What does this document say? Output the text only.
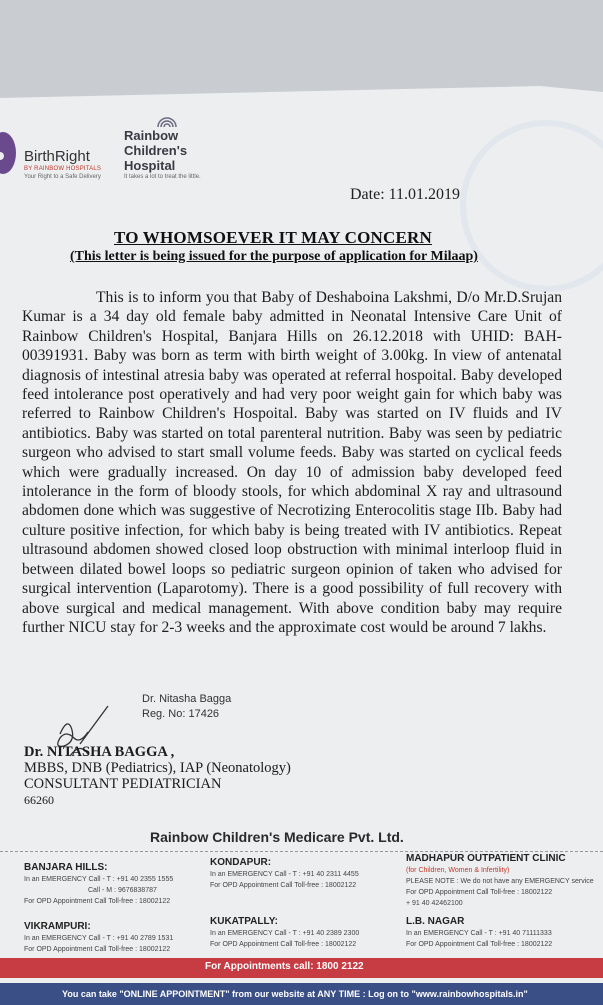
BirthRight
BY RAINBOW HOSPITALS
Your Right to a Safe Delivery
Rainbow
Children's
Hospital
It takes a lot to treat the little.
Date: 11.01.2019
TO WHOMSOEVER IT MAY CONCERN
(This letter is being issued for the purpose of application for Milaap)

This is to inform you that Baby of Deshaboina Lakshmi, D/o Mr.D.Srujan Kumar is a 34 day old female baby admitted in Neonatal Intensive Care Unit of Rainbow Children's Hospital, Banjara Hills on 26.12.2018 with UHID: BAH-00391931. Baby was born as term with birth weight of 3.00kg. In view of antenatal diagnosis of intestinal atresia baby was operated at referral hospoital. Baby developed feed intolerance post operatively and had very poor weight gain for which baby was referred to Rainbow Children's Hospoital. Baby was started on IV fluids and IV antibiotics. Baby was started on total parenteral nutrition. Baby was seen by pediatric surgeon who advised to start small volume feeds. Baby was started on cyclical feeds which were gradually increased. On day 10 of admission baby developed feed intolerance in the form of bloody stools, for which abdominal X ray and ultrasound abdomen done which was suggestive of Necrotizing Enterocolitis stage IIb. Baby had culture positive infection, for which baby is being treated with IV antibiotics. Repeat ultrasound abdomen showed closed loop obstruction with minimal interloop fluid in between dilated bowel loops so pediatric surgeon opinion of taken who advised for surgical intervention (Laparotomy). There is a good possibility of full recovery with above surgical and medical management. With above condition baby may require further NICU stay for 2-3 weeks and the approximate cost would be around 7 lakhs.

Dr. Nitasha Bagga
Reg. No: 17426
Dr. NITASHA BAGGA ,
MBBS, DNB (Pediatrics), IAP (Neonatology)
CONSULTANT PEDIATRICIAN
66260
Rainbow Children's Medicare Pvt. Ltd.
BANJARA HILLS:
In an EMERGENCY Call - T : +91 40 2355 1555
Call - M : 9676838787
For OPD Appointment Call Toll-free : 18002122
KONDAPUR:
In an EMERGENCY Call - T : +91 40 2311 4455
For OPD Appointment Call Toll-free : 18002122
MADHAPUR OUTPATIENT CLINIC
(for Children, Women & Infertility)
PLEASE NOTE : We do not have any EMERGENCY service
For OPD Appointment Call Toll-free : 18002122
+ 91 40 42462100
VIKRAMPURI:
In an EMERGENCY Call - T : +91 40 2789 1531
For OPD Appointment Call Toll-free : 18002122
KUKATPALLY:
In an EMERGENCY Call - T : +91 40 2389 2300
For OPD Appointment Call Toll-free : 18002122
L.B. NAGAR
In an EMERGENCY Call - T : +91 40 71111333
For OPD Appointment Call Toll-free : 18002122
For Appointments call: 1800 2122
You can take "ONLINE APPOINTMENT" from our website at ANY TIME : Log on to "www.rainbowhospitals.in"
